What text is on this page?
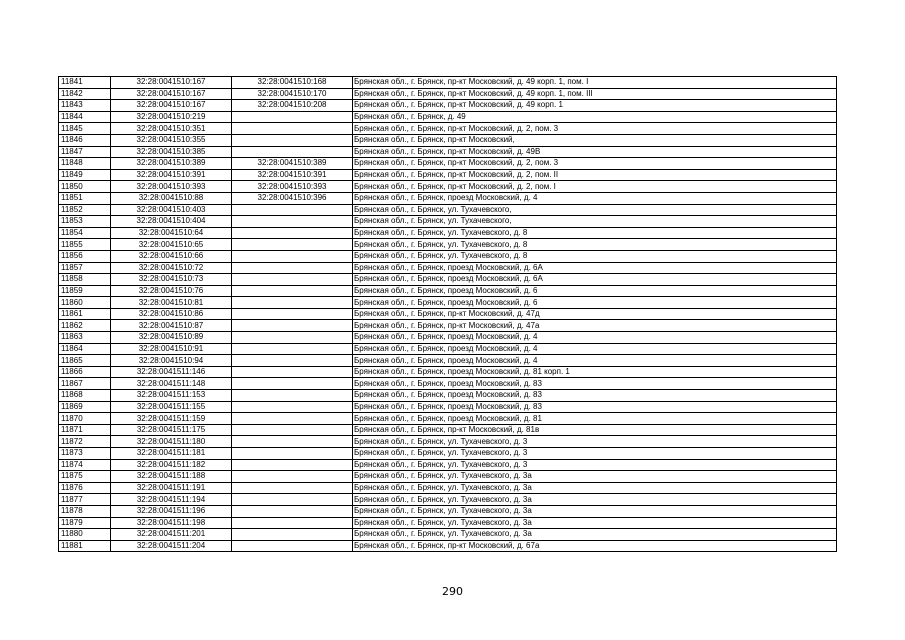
11841	32:28:0041510:167	32:28:0041510:168	Брянская обл., г. Брянск, пр-кт Московский, д. 49 корп. 1, пом. I
11842	32:28:0041510:167	32:28:0041510:170	Брянская обл., г. Брянск, пр-кт Московский, д. 49 корп. 1, пом. III
11843	32:28:0041510:167	32:28:0041510:208	Брянская обл., г. Брянск, пр-кт Московский, д. 49 корп. 1
11844	32:28:0041510:219		Брянская обл., г. Брянск, д. 49
11845	32:28:0041510:351		Брянская обл., г. Брянск, пр-кт Московский, д. 2, пом. 3
11846	32:28:0041510:355		Брянская обл., г. Брянск, пр-кт Московский,
11847	32:28:0041510:385		Брянская обл., г. Брянск, пр-кт Московский, д. 49В
11848	32:28:0041510:389	32:28:0041510:389	Брянская обл., г. Брянск, пр-кт Московский, д. 2, пом. 3
11849	32:28:0041510:391	32:28:0041510:391	Брянская обл., г. Брянск, пр-кт Московский, д. 2, пом. II
11850	32:28:0041510:393	32:28:0041510:393	Брянская обл., г. Брянск, пр-кт Московский, д. 2, пом. I
11851	32:28:0041510:88	32:28:0041510:396	Брянская обл., г. Брянск, проезд Московский, д. 4
11852	32:28:0041510:403		Брянская обл., г. Брянск, ул. Тухачевского,
11853	32:28:0041510:404		Брянская обл., г. Брянск, ул. Тухачевского,
11854	32:28:0041510:64		Брянская обл., г. Брянск, ул. Тухачевского, д. 8
11855	32:28:0041510:65		Брянская обл., г. Брянск, ул. Тухачевского, д. 8
11856	32:28:0041510:66		Брянская обл., г. Брянск, ул. Тухачевского, д. 8
11857	32:28:0041510:72		Брянская обл., г. Брянск, проезд Московский, д. 6А
11858	32:28:0041510:73		Брянская обл., г. Брянск, проезд Московский, д. 6А
11859	32:28:0041510:76		Брянская обл., г. Брянск, проезд Московский, д. 6
11860	32:28:0041510:81		Брянская обл., г. Брянск, проезд Московский, д. 6
11861	32:28:0041510:86		Брянская обл., г. Брянск, пр-кт Московский, д. 47д
11862	32:28:0041510:87		Брянская обл., г. Брянск, пр-кт Московский, д. 47а
11863	32:28:0041510:89		Брянская обл., г. Брянск, проезд Московский, д. 4
11864	32:28:0041510:91		Брянская обл., г. Брянск, проезд Московский, д. 4
11865	32:28:0041510:94		Брянская обл., г. Брянск, проезд Московский, д. 4
11866	32:28:0041511:146		Брянская обл., г. Брянск, проезд Московский, д. 81 корп. 1
11867	32:28:0041511:148		Брянская обл., г. Брянск, проезд Московский, д. 83
11868	32:28:0041511:153		Брянская обл., г. Брянск, проезд Московский, д. 83
11869	32:28:0041511:155		Брянская обл., г. Брянск, проезд Московский, д. 83
11870	32:28:0041511:159		Брянская обл., г. Брянск, проезд Московский, д. 81
11871	32:28:0041511:175		Брянская обл., г. Брянск, пр-кт Московский, д. 81в
11872	32:28:0041511:180		Брянская обл., г. Брянск, ул. Тухачевского, д. 3
11873	32:28:0041511:181		Брянская обл., г. Брянск, ул. Тухачевского, д. 3
11874	32:28:0041511:182		Брянская обл., г. Брянск, ул. Тухачевского, д. 3
11875	32:28:0041511:188		Брянская обл., г. Брянск, ул. Тухачевского, д. 3а
11876	32:28:0041511:191		Брянская обл., г. Брянск, ул. Тухачевского, д. 3а
11877	32:28:0041511:194		Брянская обл., г. Брянск, ул. Тухачевского, д. 3а
11878	32:28:0041511:196		Брянская обл., г. Брянск, ул. Тухачевского, д. 3а
11879	32:28:0041511:198		Брянская обл., г. Брянск, ул. Тухачевского, д. 3а
11880	32:28:0041511:201		Брянская обл., г. Брянск, ул. Тухачевского, д. 3а
11881	32:28:0041511:204		Брянская обл., г. Брянск, пр-кт Московский, д. 67а
290
